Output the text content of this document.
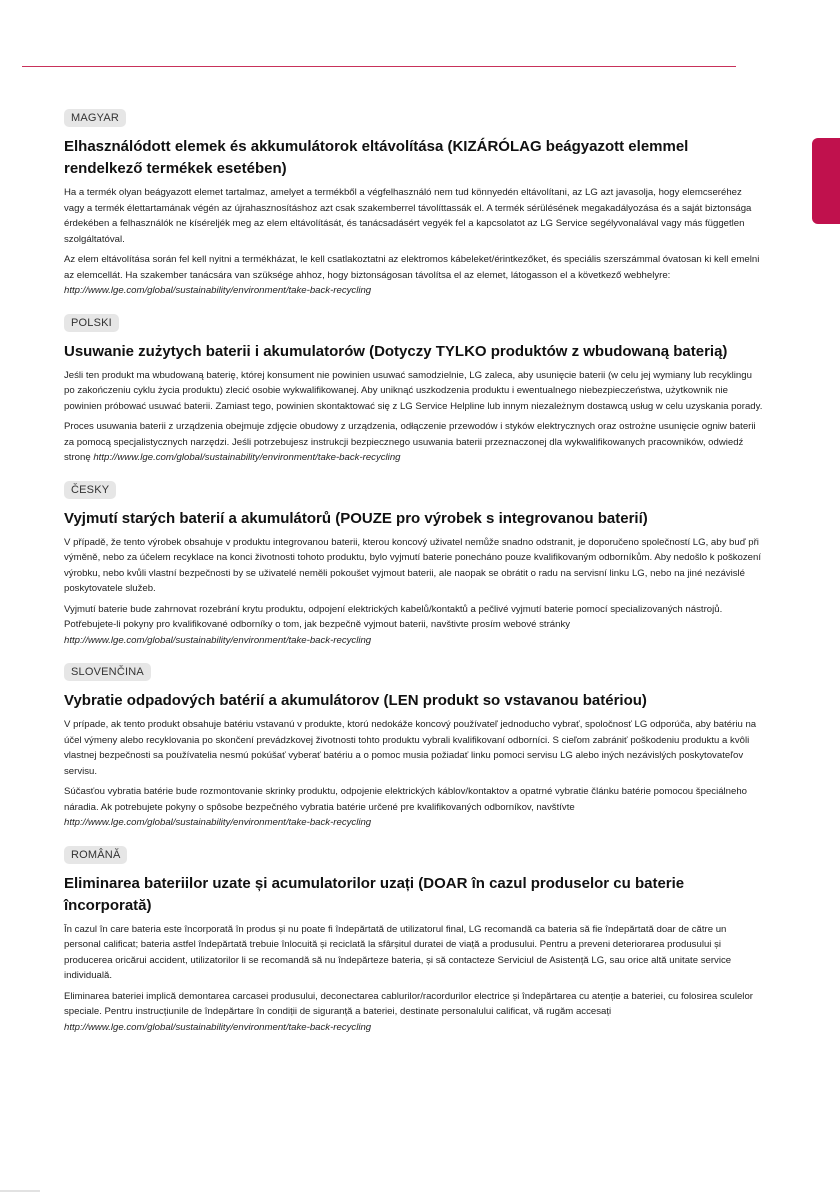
MAGYAR
Elhasználódott elemek és akkumulátorok eltávolítása (KIZÁRÓLAG beágyazott elemmel rendelkező termékek esetében)

Ha a termék olyan beágyazott elemet tartalmaz, amelyet a termékből a végfelhasználó nem tud könnyedén eltávolítani, az LG azt javasolja, hogy elemcseréhez vagy a termék élettartamának végén az újrahasznosításhoz azt csak szakemberrel távolíttassák el. A termék sérülésének megakadályozása és a saját biztonsága érdekében a felhasználók ne kíséreljék meg az elem eltávolítását, és tanácsadásért vegyék fel a kapcsolatot az LG Service segélyvonalával vagy más független szolgáltatóval.

Az elem eltávolítása során fel kell nyitni a termékházat, le kell csatlakoztatni az elektromos kábeleket/érintkezőket, és speciális szerszámmal óvatosan ki kell emelni az elemcellát. Ha szakember tanácsára van szüksége ahhoz, hogy biztonságosan távolítsa el az elemet, látogasson el a következő webhelyre: http://www.lge.com/global/sustainability/environment/take-back-recycling

POLSKI
Usuwanie zużytych baterii i akumulatorów (Dotyczy TYLKO produktów z wbudowaną baterią)

Jeśli ten produkt ma wbudowaną baterię, której konsument nie powinien usuwać samodzielnie, LG zaleca, aby usunięcie baterii (w celu jej wymiany lub recyklingu po zakończeniu cyklu życia produktu) zlecić osobie wykwalifikowanej. Aby uniknąć uszkodzenia produktu i ewentualnego niebezpieczeństwa, użytkownik nie powinien próbować usuwać baterii. Zamiast tego, powinien skontaktować się z LG Service Helpline lub innym niezależnym dostawcą usług w celu uzyskania porady.

Proces usuwania baterii z urządzenia obejmuje zdjęcie obudowy z urządzenia, odłączenie przewodów i styków elektrycznych oraz ostrożne usunięcie ogniw baterii za pomocą specjalistycznych narzędzi. Jeśli potrzebujesz instrukcji bezpiecznego usuwania baterii przeznaczonej dla wykwalifikowanych pracowników, odwiedź stronę http://www.lge.com/global/sustainability/environment/take-back-recycling

ČESKY
Vyjmutí starých baterií a akumulátorů (POUZE pro výrobek s integrovanou baterií)

V případě, že tento výrobek obsahuje v produktu integrovanou baterii, kterou koncový uživatel nemůže snadno odstranit, je doporučeno společností LG, aby buď při výměně, nebo za účelem recyklace na konci životnosti tohoto produktu, bylo vyjmutí baterie ponecháno pouze kvalifikovaným odborníkům. Aby nedošlo k poškození výrobku, nebo kvůli vlastní bezpečnosti by se uživatelé neměli pokoušet vyjmout baterii, ale naopak se obrátit o radu na servisní linku LG, nebo na jiné nezávislé poskytovatele služeb.

Vyjmutí baterie bude zahrnovat rozebrání krytu produktu, odpojení elektrických kabelů/kontaktů a pečlivé vyjmutí baterie pomocí specializovaných nástrojů. Potřebujete-li pokyny pro kvalifikované odborníky o tom, jak bezpečně vyjmout baterii, navštivte prosím webové stránky http://www.lge.com/global/sustainability/environment/take-back-recycling

SLOVENČINA
Vybratie odpadových batérií a akumulátorov (LEN produkt so vstavanou batériou)

V prípade, ak tento produkt obsahuje batériu vstavanú v produkte, ktorú nedokáže koncový používateľ jednoducho vybrať, spoločnosť LG odporúča, aby batériu na účel výmeny alebo recyklovania po skončení prevádzkovej životnosti tohto produktu vybrali kvalifikovaní odborníci. S cieľom zabrániť poškodeniu produktu a kvôli vlastnej bezpečnosti sa používatelia nesmú pokúšať vyberať batériu a o pomoc musia požiadať linku pomoci servisu LG alebo iných nezávislých poskytovateľov servisu.

Súčasťou vybratia batérie bude rozmontovanie skrinky produktu, odpojenie elektrických káblov/kontaktov a opatrné vybratie článku batérie pomocou špeciálneho náradia. Ak potrebujete pokyny o spôsobe bezpečného vybratia batérie určené pre kvalifikovaných odborníkov, navštívte http://www.lge.com/global/sustainability/environment/take-back-recycling

ROMÂNĂ
Eliminarea bateriilor uzate și acumulatorilor uzați (DOAR în cazul produselor cu baterie încorporată)

În cazul în care bateria este încorporată în produs și nu poate fi îndepărtată de utilizatorul final, LG recomandă ca bateria să fie îndepărtată doar de către un personal calificat; bateria astfel îndepărtată trebuie înlocuită și reciclată la sfârșitul duratei de viață a produsului. Pentru a preveni deteriorarea produsului și producerea oricărui accident, utilizatorilor li se recomandă să nu îndepărteze bateria, și să contacteze Serviciul de Asistență LG, sau orice altă unitate service individuală.

Eliminarea bateriei implică demontarea carcasei produsului, deconectarea cablurilor/racordurilor electrice și îndepărtarea cu atenție a bateriei, cu folosirea sculelor speciale. Pentru instrucțiunile de îndepărtare în condiții de siguranță a bateriei, destinate personalului calificat, vă rugăm accesați http://www.lge.com/global/sustainability/environment/take-back-recycling
